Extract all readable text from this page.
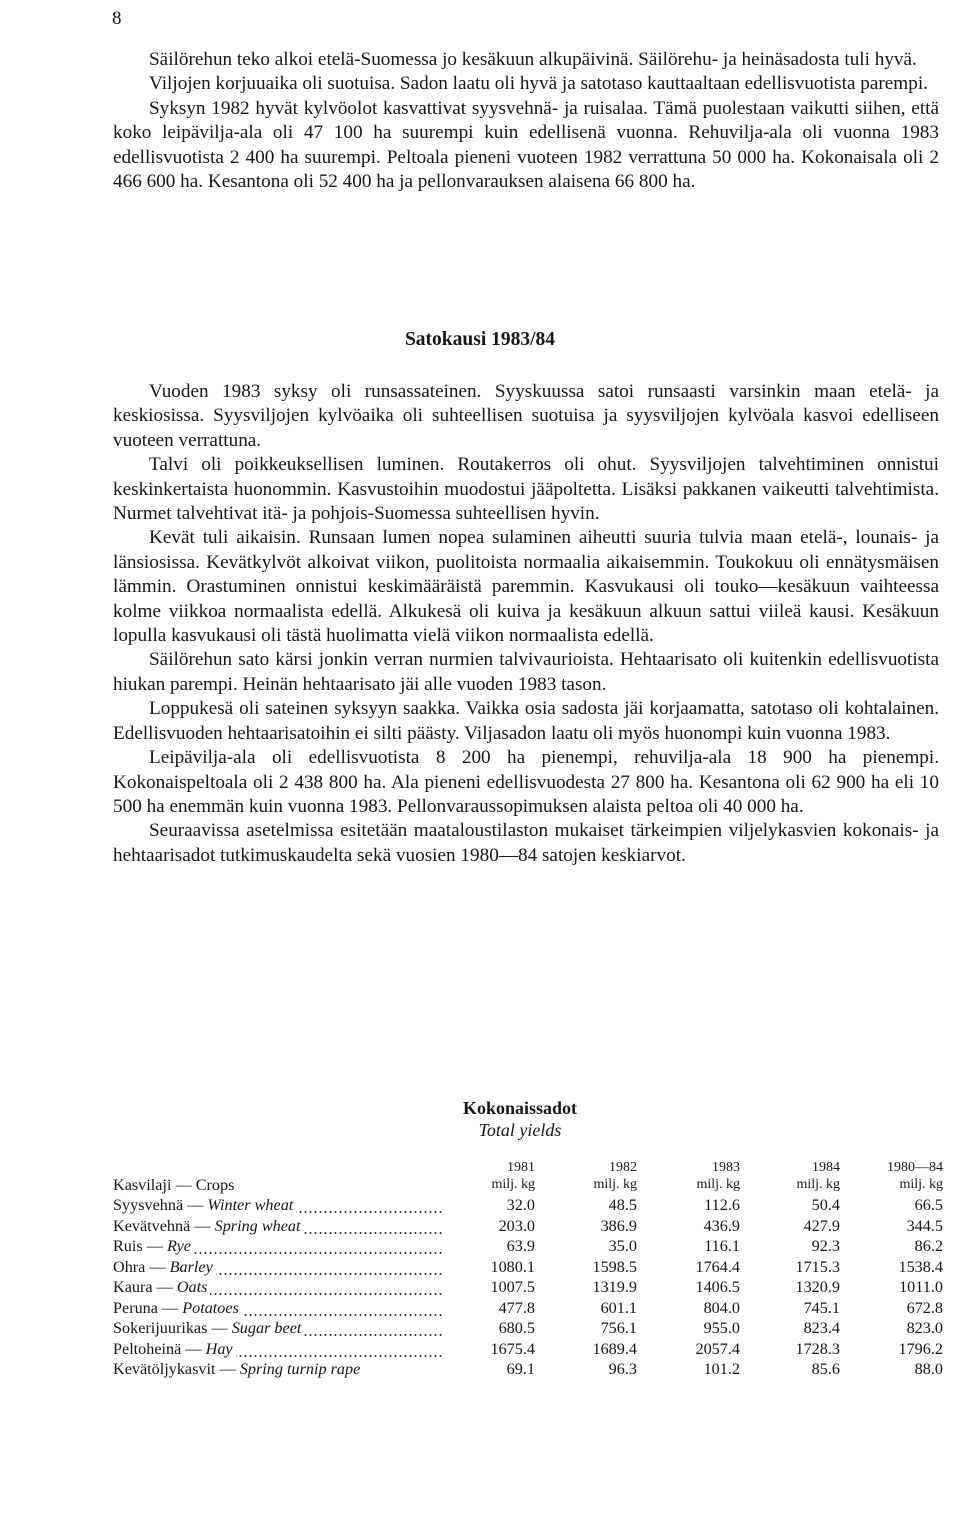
8

Säilörehun teko alkoi etelä-Suomessa jo kesäkuun alkupäivinä. Säilörehu- ja heinäsadosta tuli hyvä.

Viljojen korjuuaika oli suotuisa. Sadon laatu oli hyvä ja satotaso kauttaaltaan edellisvuotista parempi.

Syksyn 1982 hyvät kylvöolot kasvattivat syysvehnä- ja ruisalaa. Tämä puolestaan vaikutti siihen, että koko leipävilja-ala oli 47 100 ha suurempi kuin edellisenä vuonna. Rehuvilja-ala oli vuonna 1983 edellisvuotista 2 400 ha suurempi. Peltoala pieneni vuoteen 1982 verrattuna 50 000 ha. Kokonaisala oli 2 466 600 ha. Kesantona oli 52 400 ha ja pellonvarauksen alaisena 66 800 ha.

Satokausi 1983/84

Vuoden 1983 syksy oli runsassateinen. Syyskuussa satoi runsaasti varsinkin maan etelä- ja keskiosissa. Syysviljojen kylvöaika oli suhteellisen suotuisa ja syysviljojen kylvöala kasvoi edelliseen vuoteen verrattuna.

Talvi oli poikkeuksellisen luminen. Routakerros oli ohut. Syysviljojen talvehtiminen onnistui keskinkertaista huonommin. Kasvustoihin muodostui jääpoltetta. Lisäksi pakkanen vaikeutti talvehtimista. Nurmet talvehtivat itä- ja pohjois-Suomessa suhteellisen hyvin.

Kevät tuli aikaisin. Runsaan lumen nopea sulaminen aiheutti suuria tulvia maan etelä-, lounais- ja länsiosissa. Kevätkylvöt alkoivat viikon, puolitoista normaalia aikaisemmin. Toukokuu oli ennätysmäisen lämmin. Orastuminen onnistui keskimääräistä paremmin. Kasvukausi oli touko—kesäkuun vaihteessa kolme viikkoa normaalista edellä. Alkukesä oli kuiva ja kesäkuun alkuun sattui viileä kausi. Kesäkuun lopulla kasvukausi oli tästä huolimatta vielä viikon normaalista edellä.

Säilörehun sato kärsi jonkin verran nurmien talvivaurioista. Hehtaarisato oli kuitenkin edellisvuotista hiukan parempi. Heinän hehtaarisato jäi alle vuoden 1983 tason.

Loppukesä oli sateinen syksyyn saakka. Vaikka osia sadosta jäi korjaamatta, satotaso oli kohtalainen. Edellisvuoden hehtaarisatoihin ei silti päästy. Viljasadon laatu oli myös huonompi kuin vuonna 1983.

Leipävilja-ala oli edellisvuotista 8 200 ha pienempi, rehuvilja-ala 18 900 ha pienempi. Kokonaispeltoala oli 2 438 800 ha. Ala pieneni edellisvuodesta 27 800 ha. Kesantona oli 62 900 ha eli 10 500 ha enemmän kuin vuonna 1983. Pellonvaraussopimuksen alaista peltoa oli 40 000 ha.

Seuraavissa asetelmissa esitetään maataloustilaston mukaiset tärkeimpien viljelykasvien kokonais- ja hehtaarisadot tutkimuskaudelta sekä vuosien 1980—84 satojen keskiarvot.

Kokonaissadot
Total yields
	1981	1982	1983	1984	1980—84
Kasvilaji — Crops	milj. kg	milj. kg	milj. kg	milj. kg	milj. kg
Syysvehnä — Winter wheat	32.0	48.5	112.6	50.4	66.5
Kevätvehnä — Spring wheat	203.0	386.9	436.9	427.9	344.5
Ruis — Rye	63.9	35.0	116.1	92.3	86.2
Ohra — Barley	1080.1	1598.5	1764.4	1715.3	1538.4
Kaura — Oats	1007.5	1319.9	1406.5	1320.9	1011.0
Peruna — Potatoes	477.8	601.1	804.0	745.1	672.8
Sokerijuurikas — Sugar beet	680.5	756.1	955.0	823.4	823.0
Peltoheinä — Hay	1675.4	1689.4	2057.4	1728.3	1796.2
Kevätöljykasvit — Spring turnip rape	69.1	96.3	101.2	85.6	88.0
